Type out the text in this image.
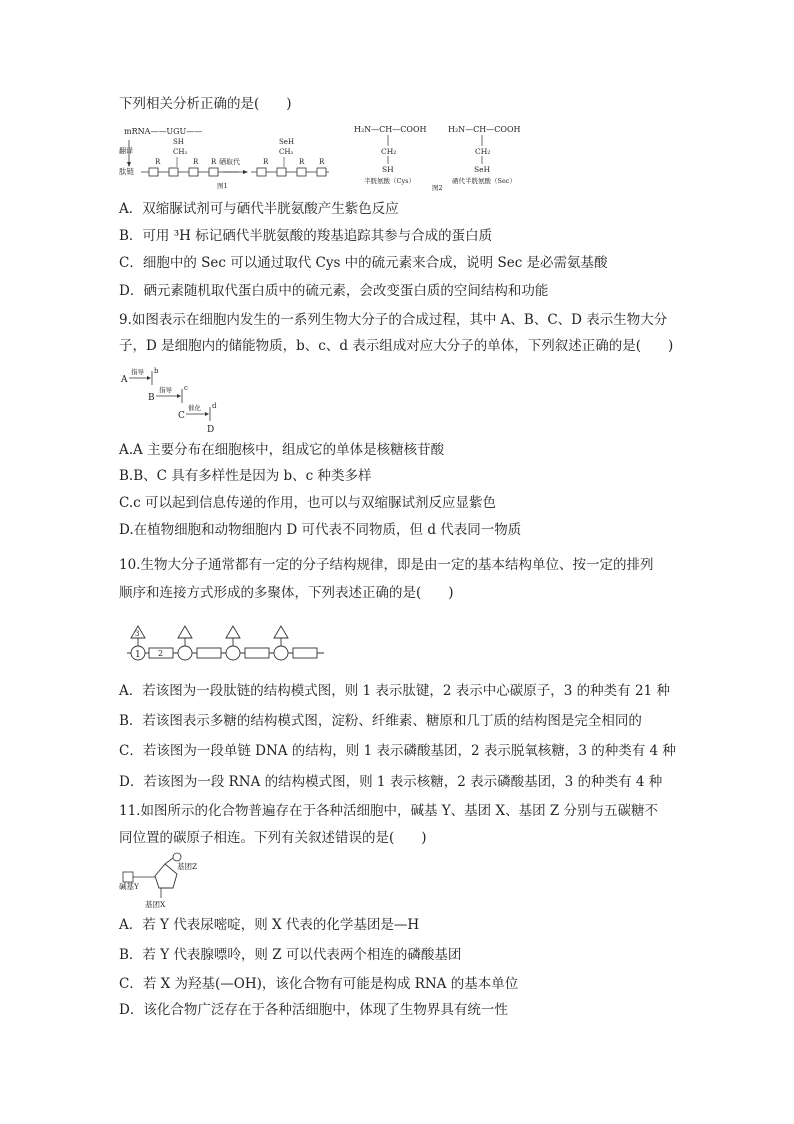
下列相关分析正确的是(　　)
mRNA——UGU——
翻译
肽链
R
CH₂
SH
R R 硒取代	R
CH₂
SeH
R R
图1
H₂N—CH—COOH
CH₂
SH
半胱氨酸（Cys）
H₂N—CH—COOH
CH₂
SeH
硒代半胱氨酸（Sec）
图2
A．双缩脲试剂可与硒代半胱氨酸产生紫色反应
B．可用 ³H 标记硒代半胱氨酸的羧基追踪其参与合成的蛋白质
C．细胞中的 Sec 可以通过取代 Cys 中的硫元素来合成，说明 Sec 是必需氨基酸
D．硒元素随机取代蛋白质中的硫元素，会改变蛋白质的空间结构和功能
9.如图表示在细胞内发生的一系列生物大分子的合成过程，其中 A、B、C、D 表示生物大分
子，D 是细胞内的储能物质，b、c、d 表示组成对应大分子的单体，下列叙述正确的是(　　)
A
指导 b
B
指导 c
C
催化 d
D
A.A 主要分布在细胞核中，组成它的单体是核糖核苷酸
B.B、C 具有多样性是因为 b、c 种类多样
C.c 可以起到信息传递的作用，也可以与双缩脲试剂反应显紫色
D.在植物细胞和动物细胞内 D 可代表不同物质，但 d 代表同一物质
10.生物大分子通常都有一定的分子结构规律，即是由一定的基本结构单位、按一定的排列
顺序和连接方式形成的多聚体，下列表述正确的是(　　)
1
3
2
A．若该图为一段肽链的结构模式图，则 1 表示肽键，2 表示中心碳原子，3 的种类有 21 种
B．若该图表示多糖的结构模式图，淀粉、纤维素、糖原和几丁质的结构图是完全相同的
C．若该图为一段单链 DNA 的结构，则 1 表示磷酸基团，2 表示脱氧核糖，3 的种类有 4 种
D．若该图为一段 RNA 的结构模式图，则 1 表示核糖，2 表示磷酸基团，3 的种类有 4 种
11.如图所示的化合物普遍存在于各种活细胞中，碱基 Y、基团 X、基团 Z 分别与五碳糖不
同位置的碳原子相连。下列有关叙述错误的是(　　)
碱基Y
基团Z
基团X
A．若 Y 代表尿嘧啶，则 X 代表的化学基团是—H
B．若 Y 代表腺嘌呤，则 Z 可以代表两个相连的磷酸基团
C．若 X 为羟基(—OH)，该化合物有可能是构成 RNA 的基本单位
D．该化合物广泛存在于各种活细胞中，体现了生物界具有统一性
